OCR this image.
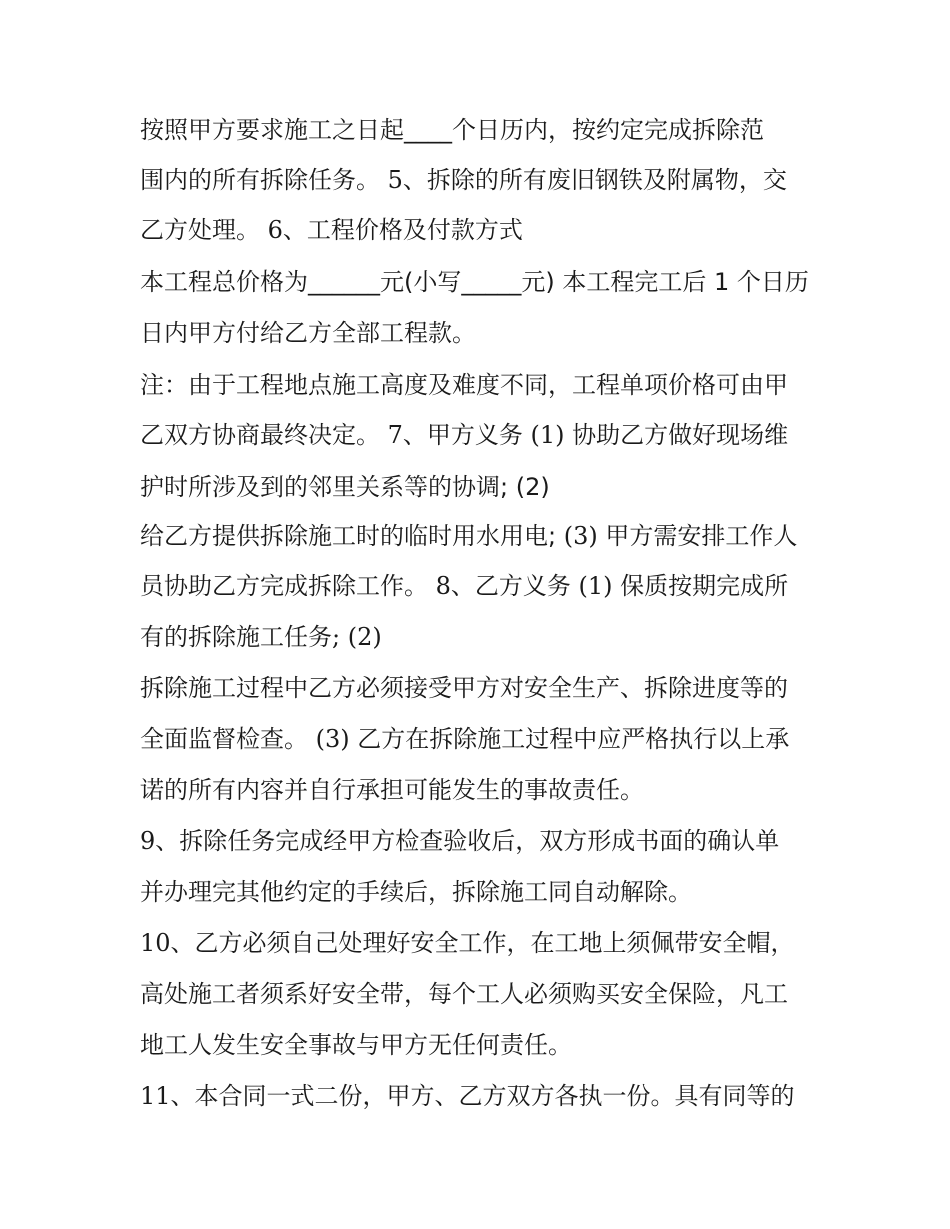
按照甲方要求施工之日起____个日历内，按约定完成拆除范
围内的所有拆除任务。 5、拆除的所有废旧钢铁及附属物，交
乙方处理。 6、工程价格及付款方式
本工程总价格为______元(小写_____元) 本工程完工后 1 个日历
日内甲方付给乙方全部工程款。
注：由于工程地点施工高度及难度不同，工程单项价格可由甲
乙双方协商最终决定。 7、甲方义务 (1) 协助乙方做好现场维
护时所涉及到的邻里关系等的协调; (2)
给乙方提供拆除施工时的临时用水用电; (3) 甲方需安排工作人
员协助乙方完成拆除工作。 8、乙方义务 (1) 保质按期完成所
有的拆除施工任务; (2)
拆除施工过程中乙方必须接受甲方对安全生产、拆除进度等的
全面监督检查。 (3) 乙方在拆除施工过程中应严格执行以上承
诺的所有内容并自行承担可能发生的事故责任。
9、拆除任务完成经甲方检查验收后，双方形成书面的确认单
并办理完其他约定的手续后，拆除施工同自动解除。
10、乙方必须自己处理好安全工作，在工地上须佩带安全帽，
高处施工者须系好安全带，每个工人必须购买安全保险，凡工
地工人发生安全事故与甲方无任何责任。
11、本合同一式二份，甲方、乙方双方各执一份。具有同等的
